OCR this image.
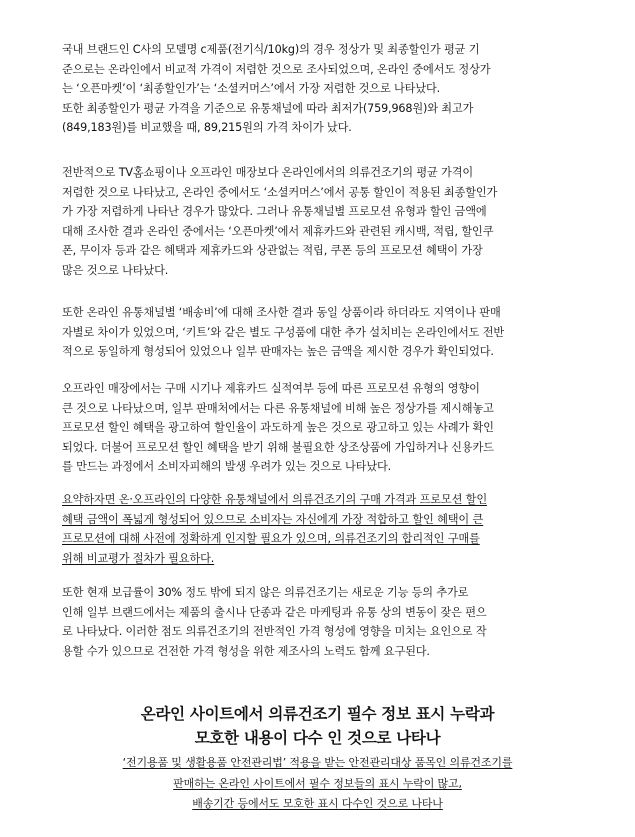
국내 브랜드인 C사의 모델명 c제품(전기식/10kg)의 경우 정상가 및 최종할인가 평균 기
준으로는 온라인에서 비교적 가격이 저렴한 것으로 조사되었으며, 온라인 중에서도 정상가
는 ‘오픈마켓’이 ‘최종할인가’는 ‘소셜커머스’에서 가장 저렴한 것으로 나타났다.
또한 최종할인가 평균 가격을 기준으로 유통채널에 따라 최저가(759,968원)와 최고가
(849,183원)를 비교했을 때, 89,215원의 가격 차이가 났다.
전반적으로 TV홈쇼핑이나 오프라인 매장보다 온라인에서의 의류건조기의 평균 가격이
저렴한 것으로 나타났고, 온라인 중에서도 ‘소셜커머스’에서 공통 할인이 적용된 최종할인가
가 가장 저렴하게 나타난 경우가 많았다. 그러나 유통채널별 프로모션 유형과 할인 금액에
대해 조사한 결과 온라인 중에서는 ‘오픈마켓’에서 제휴카드와 관련된 캐시백, 적립, 할인쿠
폰, 무이자 등과 같은 혜택과 제휴카드와 상관없는 적립, 쿠폰 등의 프로모션 혜택이 가장
많은 것으로 나타났다.
또한 온라인 유통채널별 ‘배송비’에 대해 조사한 결과 동일 상품이라 하더라도 지역이나 판매
자별로 차이가 있었으며, ‘키트’와 같은 별도 구성품에 대한 추가 설치비는 온라인에서도 전반
적으로 동일하게 형성되어 있었으나 일부 판매자는 높은 금액을 제시한 경우가 확인되었다.
오프라인 매장에서는 구매 시기나 제휴카드 실적여부 등에 따른 프로모션 유형의 영향이
큰 것으로 나타났으며, 일부 판매처에서는 다른 유통채널에 비해 높은 정상가를 제시해놓고
프로모션 할인 혜택을 광고하여 할인율이 과도하게 높은 것으로 광고하고 있는 사례가 확인
되었다. 더불어 프로모션 할인 혜택을 받기 위해 불필요한 상조상품에 가입하거나 신용카드
를 만드는 과정에서 소비자피해의 발생 우려가 있는 것으로 나타났다.
요약하자면 온·오프라인의 다양한 유통채널에서 의류건조기의 구매 가격과 프로모션 할인
혜택 금액이 폭넓게 형성되어 있으므로 소비자는 자신에게 가장 적합하고 할인 혜택이 큰
프로모션에 대해 사전에 정확하게 인지할 필요가 있으며, 의류건조기의 합리적인 구매를
위해 비교평가 절차가 필요하다.
또한 현재 보급률이 30% 정도 밖에 되지 않은 의류건조기는 새로운 기능 등의 추가로
인해 일부 브랜드에서는 제품의 출시나 단종과 같은 마케팅과 유통 상의 변동이 잦은 편으
로 나타났다. 이러한 점도 의류건조기의 전반적인 가격 형성에 영향을 미치는 요인으로 작
용할 수가 있으므로 건전한 가격 형성을 위한 제조사의 노력도 함께 요구된다.
온라인 사이트에서 의류건조기 필수 정보 표시 누락과
모호한 내용이 다수 인 것으로 나타나
‘전기용품 및 생활용품 안전관리법’ 적용을 받는 안전관리대상 품목인 의류건조기를
판매하는 온라인 사이트에서 필수 정보들의 표시 누락이 많고,
배송기간 등에서도 모호한 표시 다수인 것으로 나타나
